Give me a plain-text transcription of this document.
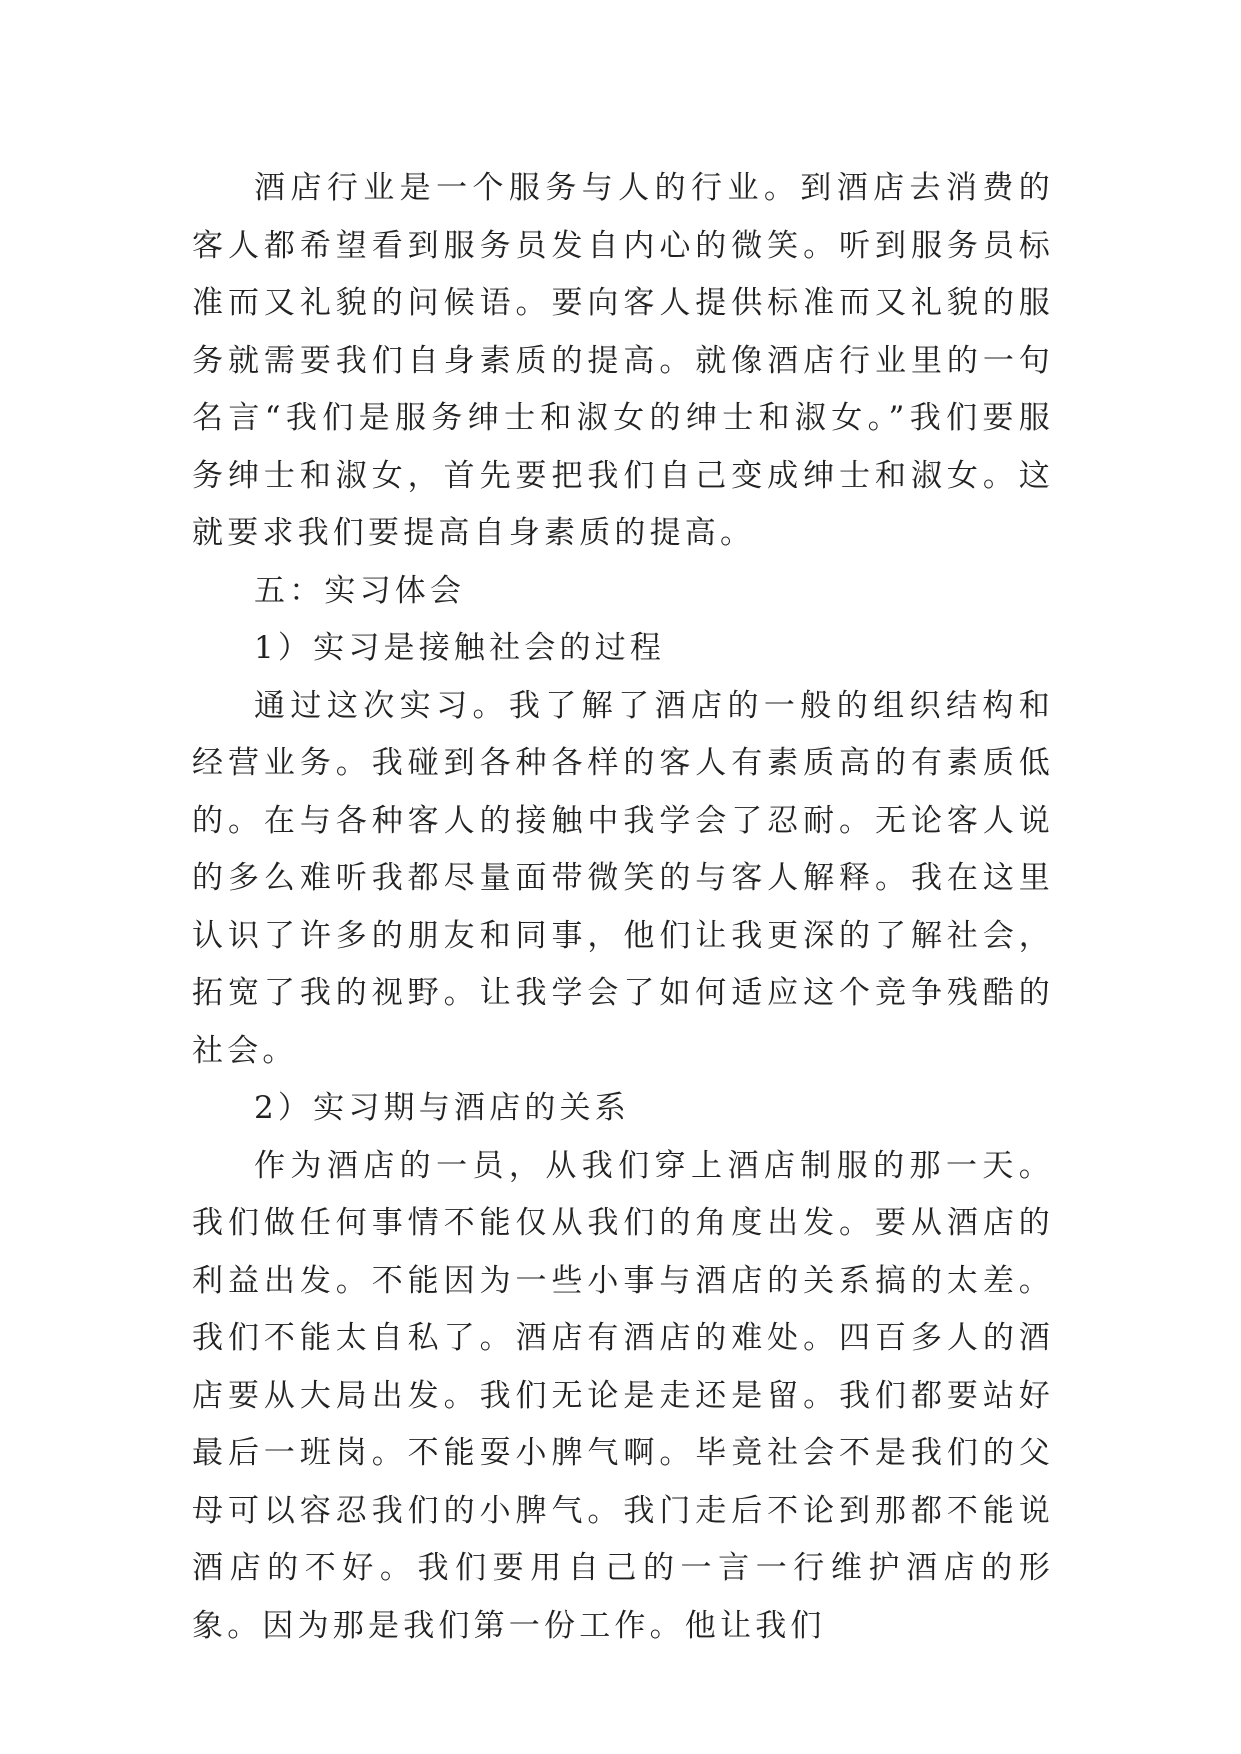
酒店行业是一个服务与人的行业。到酒店去消费的客人都希望看到服务员发自内心的微笑。听到服务员标准而又礼貌的问候语。要向客人提供标准而又礼貌的服务就需要我们自身素质的提高。就像酒店行业里的一句名言“我们是服务绅士和淑女的绅士和淑女。”我们要服务绅士和淑女，首先要把我们自己变成绅士和淑女。这就要求我们要提高自身素质的提高。

五：实习体会

1）实习是接触社会的过程

通过这次实习。我了解了酒店的一般的组织结构和经营业务。我碰到各种各样的客人有素质高的有素质低的。在与各种客人的接触中我学会了忍耐。无论客人说的多么难听我都尽量面带微笑的与客人解释。我在这里认识了许多的朋友和同事，他们让我更深的了解社会，拓宽了我的视野。让我学会了如何适应这个竞争残酷的社会。

2）实习期与酒店的关系

作为酒店的一员，从我们穿上酒店制服的那一天。我们做任何事情不能仅从我们的角度出发。要从酒店的利益出发。不能因为一些小事与酒店的关系搞的太差。我们不能太自私了。酒店有酒店的难处。四百多人的酒店要从大局出发。我们无论是走还是留。我们都要站好最后一班岗。不能耍小脾气啊。毕竟社会不是我们的父母可以容忍我们的小脾气。我门走后不论到那都不能说酒店的不好。我们要用自己的一言一行维护酒店的形象。因为那是我们第一份工作。他让我们
